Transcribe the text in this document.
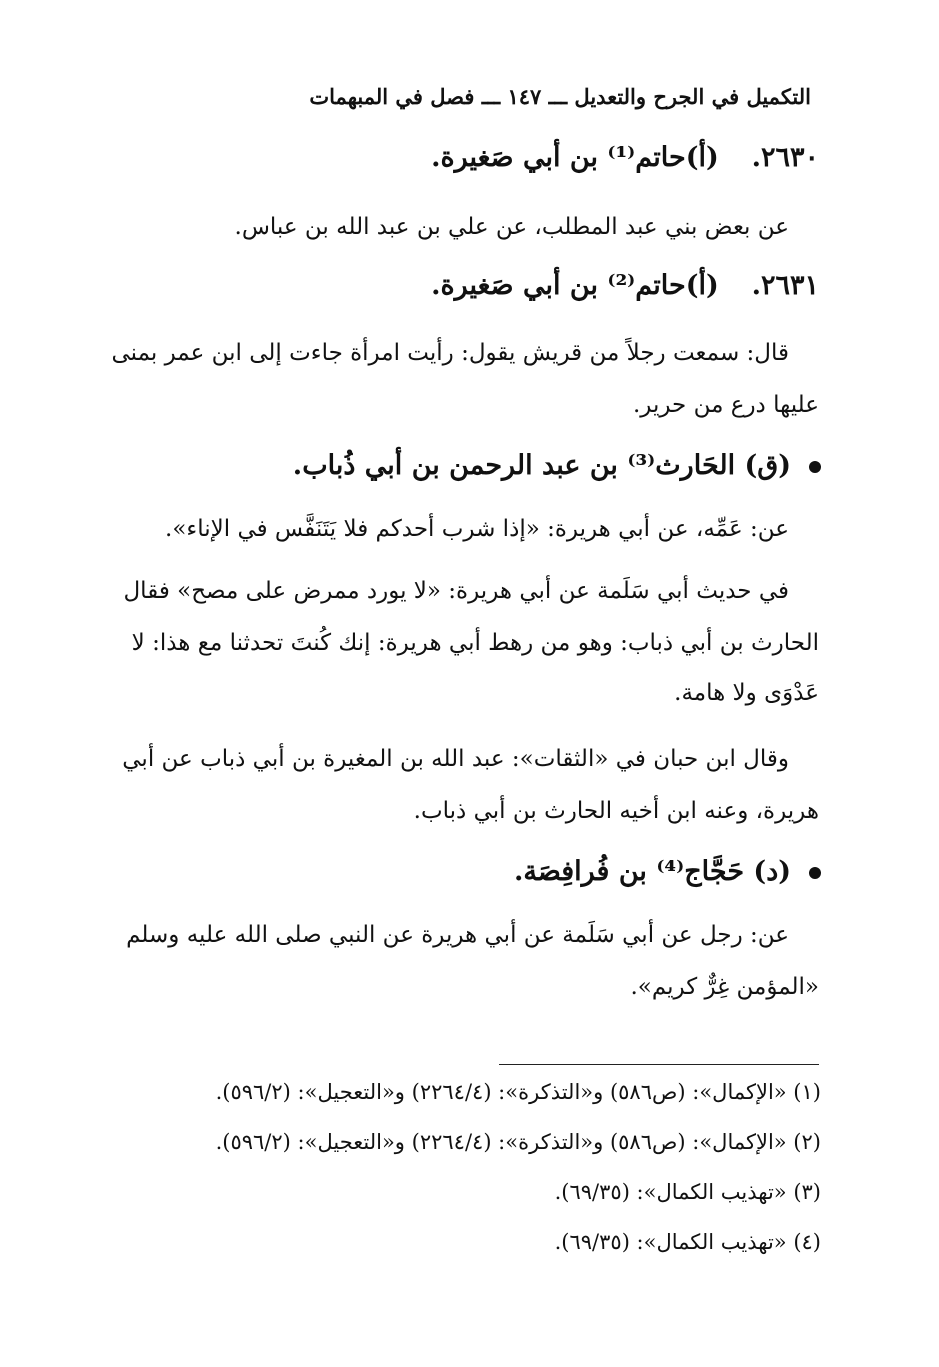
التكميل في الجرح والتعديل ـــ ١٤٧ ـــ فصل في المبهمات
٢٦٣٠.  (أ)حاتم⁽¹⁾ بن أبي صَغيرة.
عن بعض بني عبد المطلب، عن علي بن عبد الله بن عباس.
٢٦٣١.  (أ)حاتم⁽²⁾ بن أبي صَغيرة.
قال: سمعت رجلاً من قريش يقول: رأيت امرأة جاءت إلى ابن عمر بمنى
عليها درع من حرير.
(ق) الحَارث⁽³⁾ بن عبد الرحمن بن أبي ذُباب.
عن: عَمِّه، عن أبي هريرة: «إذا شرب أحدكم فلا يَتَنَفَّس في الإناء».
في حديث أبي سَلَمة عن أبي هريرة: «لا يورد ممرض على مصح» فقال
الحارث بن أبي ذباب: وهو من رهط أبي هريرة: إنك كُنتَ تحدثنا مع هذا: لا
عَدْوَى ولا هامة.
وقال ابن حبان في «الثقات»: عبد الله بن المغيرة بن أبي ذباب عن أبي
هريرة، وعنه ابن أخيه الحارث بن أبي ذباب.
(د) حَجَّاج⁽⁴⁾ بن فُرافِصَة.
عن: رجل عن أبي سَلَمة عن أبي هريرة عن النبي صلى الله عليه وسلم
«المؤمن غِرٌّ كريم».
(١) «الإكمال»: (ص٥٨٦) و«التذكرة»: (٢٢٦٤/٤) و«التعجيل»: (٥٩٦/٢).
(٢) «الإكمال»: (ص٥٨٦) و«التذكرة»: (٢٢٦٤/٤) و«التعجيل»: (٥٩٦/٢).
(٣) «تهذيب الكمال»: (٦٩/٣٥).
(٤) «تهذيب الكمال»: (٦٩/٣٥).
